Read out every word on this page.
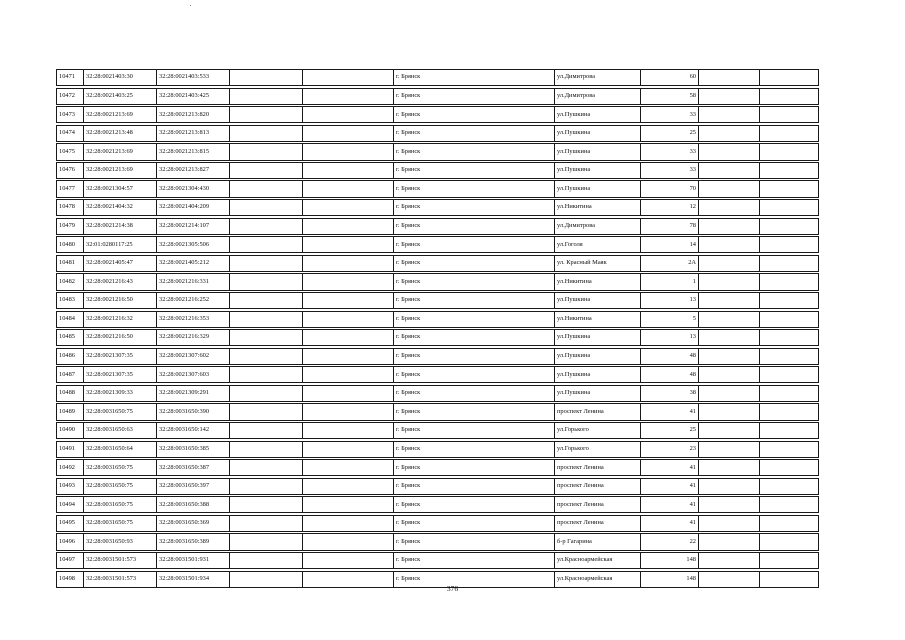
10471	32:28:0021403:30	32:28:0021403:533			г. Брянск	ул.Димитрова	60		

10472	32:28:0021403:25	32:28:0021403:425			г. Брянск	ул.Димитрова	58		

10473	32:28:0021213:69	32:28:0021213:820			г. Брянск	ул.Пушкина	33		

10474	32:28:0021213:48	32:28:0021213:813			г. Брянск	ул.Пушкина	25		

10475	32:28:0021213:69	32:28:0021213:815			г. Брянск	ул.Пушкина	33		

10476	32:28:0021213:69	32:28:0021213:827			г. Брянск	ул.Пушкина	33		

10477	32:28:0021304:57	32:28:0021304:430			г. Брянск	ул.Пушкина	70		

10478	32:28:0021404:32	32:28:0021404:209			г. Брянск	ул.Никитина	12		

10479	32:28:0021214:38	32:28:0021214:107			г. Брянск	ул.Димитрова	78		

10480	32:01:0280117:25	32:28:0021305:506			г. Брянск	ул.Гоголя	14		

10481	32:28:0021405:47	32:28:0021405:212			г. Брянск	ул. Красный Маяк	2А		

10482	32:28:0021216:43	32:28:0021216:331			г. Брянск	ул.Никитина	1		

10483	32:28:0021216:50	32:28:0021216:252			г. Брянск	ул.Пушкина	13		

10484	32:28:0021216:32	32:28:0021216:353			г. Брянск	ул.Никитина	5		

10485	32:28:0021216:50	32:28:0021216:329			г. Брянск	ул.Пушкина	13		

10486	32:28:0021307:35	32:28:0021307:602			г. Брянск	ул.Пушкина	48		

10487	32:28:0021307:35	32:28:0021307:603			г. Брянск	ул.Пушкина	48		

10488	32:28:0021309:33	32:28:0021309:291			г. Брянск	ул.Пушкина	38		

10489	32:28:0031650:75	32:28:0031650:390			г. Брянск	проспект Ленина	41		

10490	32:28:0031650:63	32:28:0031650:142			г. Брянск	ул.Горького	25		

10491	32:28:0031650:64	32:28:0031650:385			г. Брянск	ул.Горького	23		

10492	32:28:0031650:75	32:28:0031650:387			г. Брянск	проспект Ленина	41		

10493	32:28:0031650:75	32:28:0031650:397			г. Брянск	проспект Ленина	41		

10494	32:28:0031650:75	32:28:0031650:388			г. Брянск	проспект Ленина	41		

10495	32:28:0031650:75	32:28:0031650:369			г. Брянск	проспект Ленина	41		

10496	32:28:0031650:93	32:28:0031650:389			г. Брянск	б-р Гагарина	22		

10497	32:28:0031501:573	32:28:0031501:931			г. Брянск	ул.Красноармейская	148		

10498	32:28:0031501:573	32:28:0031501:934			г. Брянск	ул.Красноармейская	148		
376
